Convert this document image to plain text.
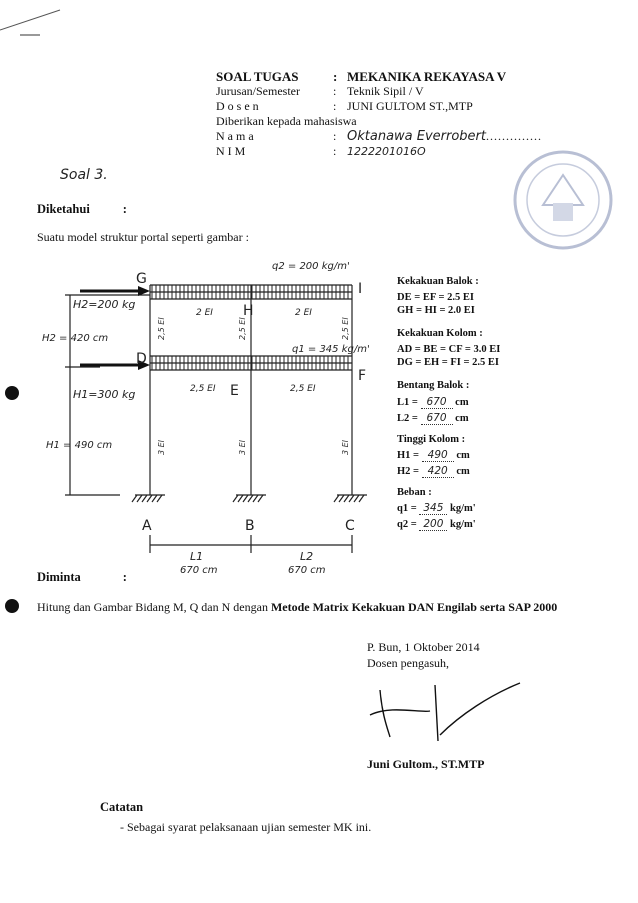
SOAL TUGAS	: MEKANIKA REKAYASA V
Jurusan/Semester	: Teknik Sipil / V
D o s e n	: JUNI GULTOM ST.,MTP
Diberikan kepada mahasiswa
N a m a	: Oktanawa Everrobert..............
N I M	: 1222201016O
Soal 3.
Diketahui	:
Suatu model struktur portal seperti gambar :
G
H
I
D
E
F
A	B	C
H2=200 kg
H1=300 kg
H2 = 420 cm
H1 = 490 cm
q2 = 200 kg/m'
q1 = 345 kg/m'
2 EI	2 EI
2,5 EI	2,5 EI
L1
670 cm
L2
670 cm
2,5 EI	2,5 EI	2,5 EI
3 EI	3 EI	3 EI
Kekakuan Balok :
DE = EF = 2.5 EI
GH = HI = 2.0 EI
Kekakuan Kolom :
AD = BE = CF = 3.0 EI
DG = EH = FI = 2.5 EI
Bentang Balok :
L1 = 670 cm
L2 = 670 cm
Tinggi Kolom :
H1 = 490 cm
H2 = 420 cm
Beban :
q1 = 345 kg/m'
q2 = 200 kg/m'
Diminta	:
Hitung dan Gambar Bidang M, Q dan N dengan Metode Matrix Kekakuan DAN Engilab serta SAP 2000
P. Bun, 1 Oktober 2014
Dosen pengasuh,
Juni Gultom., ST.MTP
Catatan
- Sebagai syarat pelaksanaan ujian semester MK ini.
